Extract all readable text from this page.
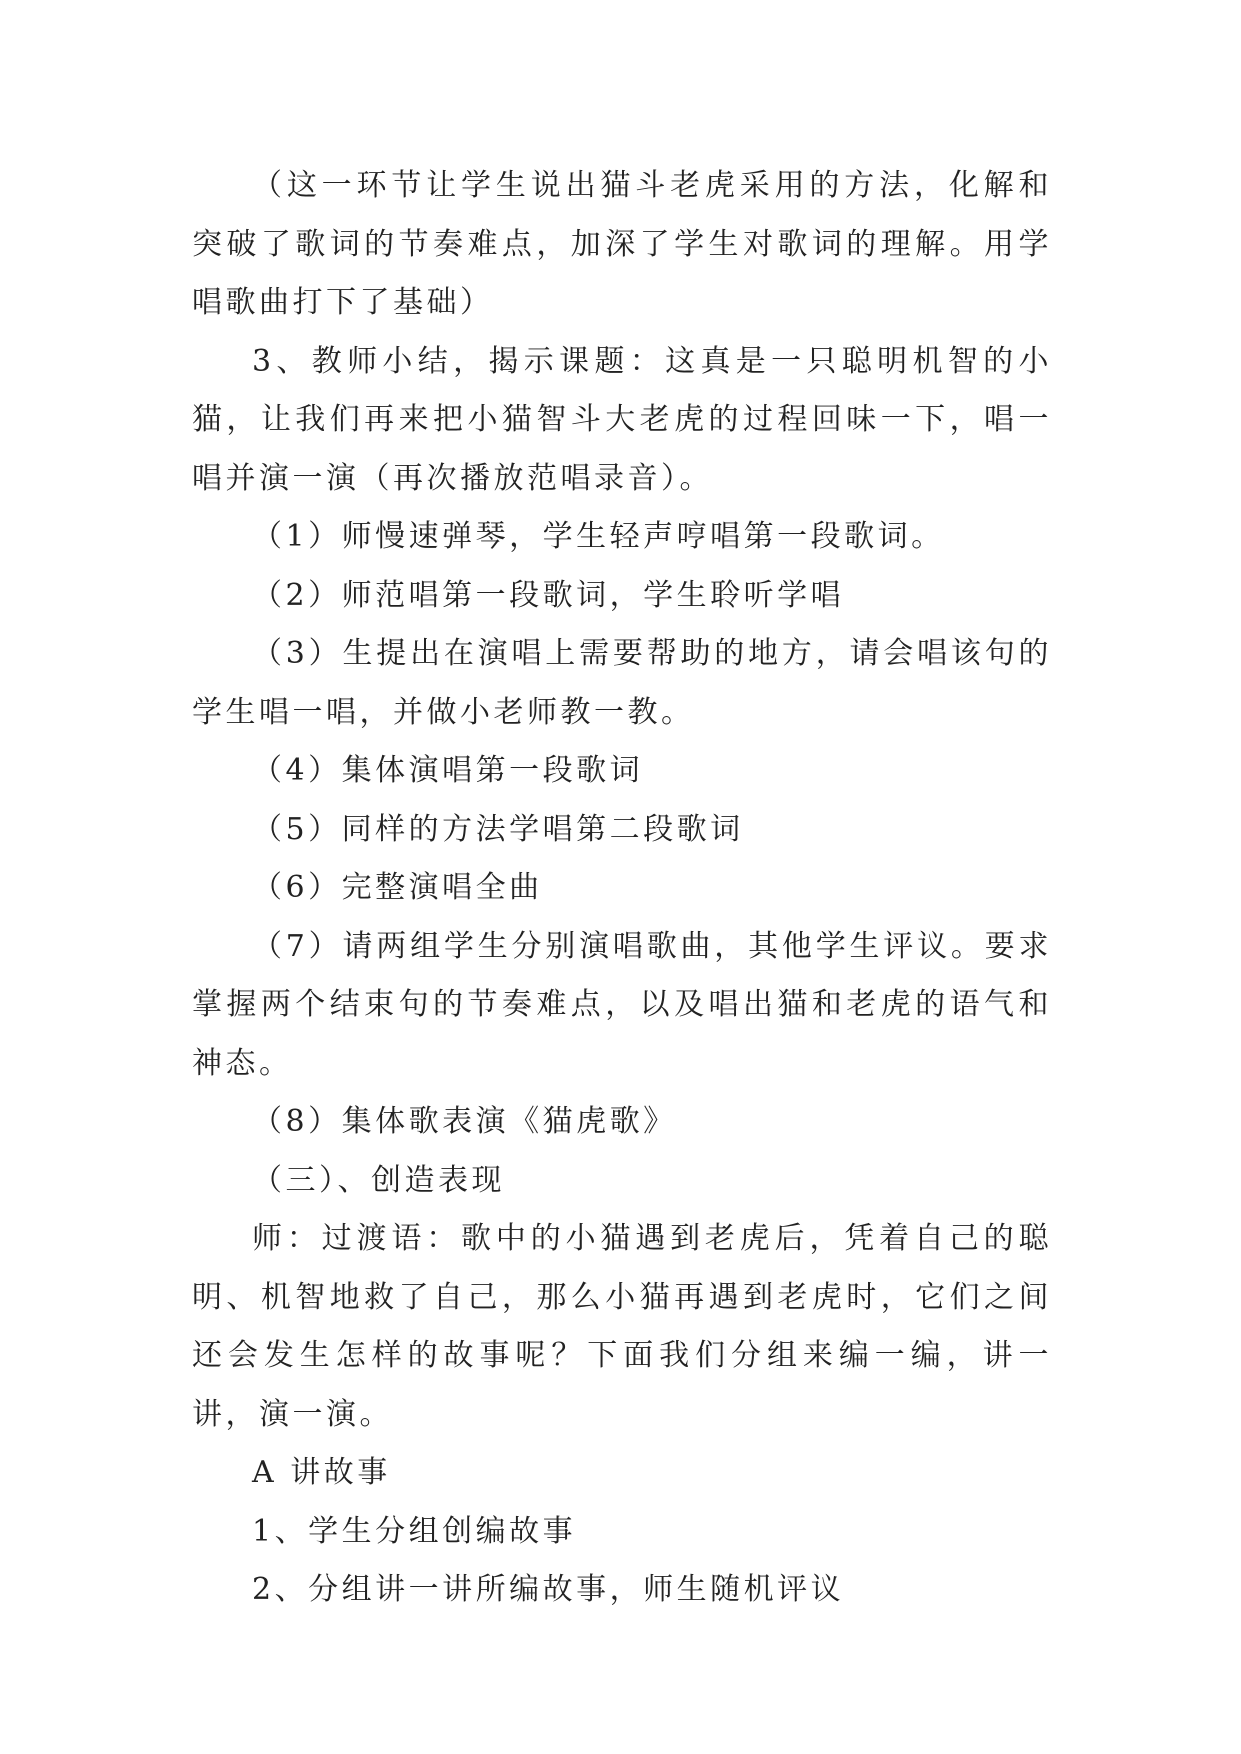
（这一环节让学生说出猫斗老虎采用的方法，化解和突破了歌词的节奏难点，加深了学生对歌词的理解。用学唱歌曲打下了基础）

3、教师小结，揭示课题：这真是一只聪明机智的小猫，让我们再来把小猫智斗大老虎的过程回味一下，唱一唱并演一演（再次播放范唱录音）。

（1）师慢速弹琴，学生轻声哼唱第一段歌词。

（2）师范唱第一段歌词，学生聆听学唱

（3）生提出在演唱上需要帮助的地方，请会唱该句的学生唱一唱，并做小老师教一教。

（4）集体演唱第一段歌词

（5）同样的方法学唱第二段歌词

（6）完整演唱全曲

（7）请两组学生分别演唱歌曲，其他学生评议。要求掌握两个结束句的节奏难点，以及唱出猫和老虎的语气和神态。

（8）集体歌表演《猫虎歌》

（三）、创造表现

师：过渡语：歌中的小猫遇到老虎后，凭着自己的聪明、机智地救了自己，那么小猫再遇到老虎时，它们之间还会发生怎样的故事呢？下面我们分组来编一编，讲一讲，演一演。

A 讲故事

1、学生分组创编故事

2、分组讲一讲所编故事，师生随机评议
